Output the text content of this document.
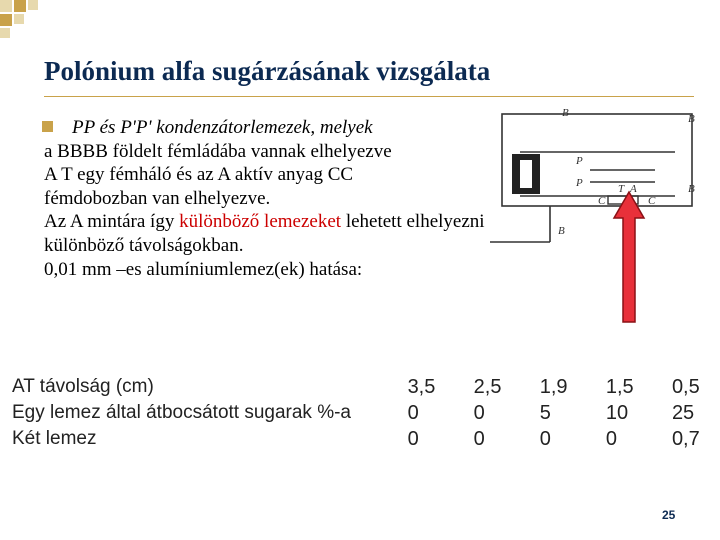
Polónium alfa sugárzásának vizsgálata
B	B
B
B
P
P	T
C	C
A
PP és P'P' kondenzátorlemezek, melyek
a BBBB földelt fémládába vannak elhelyezve
A T egy fémháló és az A aktív anyag CC
fémdobozban van elhelyezve.
Az A mintára így különböző lemezeket lehetett elhelyezni
különböző távolságokban.
0,01 mm –es alumíniumlemez(ek) hatása:
AT távolság (cm)	3,5	2,5	1,9	1,5	0,5
Egy lemez által átbocsátott sugarak %-a	0	0	5	10	25
Két lemez	0	0	0	0	0,7
25
